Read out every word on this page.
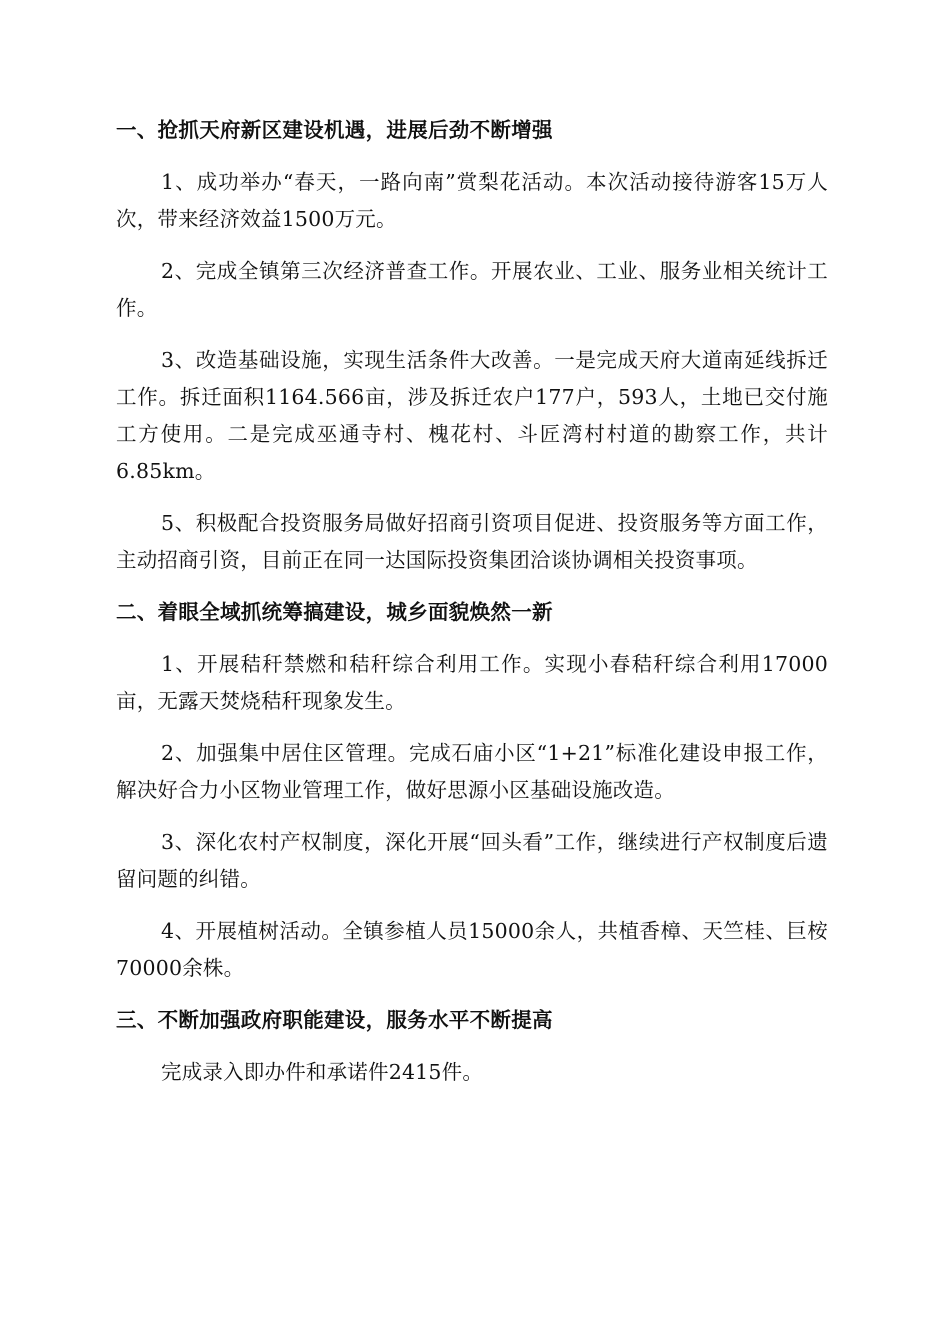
一、抢抓天府新区建设机遇，进展后劲不断增强
1、成功举办“春天，一路向南”赏梨花活动。本次活动接待游客15万人次，带来经济效益1500万元。
2、完成全镇第三次经济普查工作。开展农业、工业、服务业相关统计工作。
3、改造基础设施，实现生活条件大改善。一是完成天府大道南延线拆迁工作。拆迁面积1164.566亩，涉及拆迁农户177户，593人，土地已交付施工方使用。二是完成巫通寺村、槐花村、斗匠湾村村道的勘察工作，共计6.85km。
5、积极配合投资服务局做好招商引资项目促进、投资服务等方面工作，主动招商引资，目前正在同一达国际投资集团洽谈协调相关投资事项。
二、着眼全域抓统筹搞建设，城乡面貌焕然一新
1、开展秸秆禁燃和秸秆综合利用工作。实现小春秸秆综合利用17000亩，无露天焚烧秸秆现象发生。
2、加强集中居住区管理。完成石庙小区“1+21”标准化建设申报工作，解决好合力小区物业管理工作，做好思源小区基础设施改造。
3、深化农村产权制度，深化开展“回头看”工作，继续进行产权制度后遗留问题的纠错。
4、开展植树活动。全镇参植人员15000余人，共植香樟、天竺桂、巨桉70000余株。
三、不断加强政府职能建设，服务水平不断提高
完成录入即办件和承诺件2415件。
